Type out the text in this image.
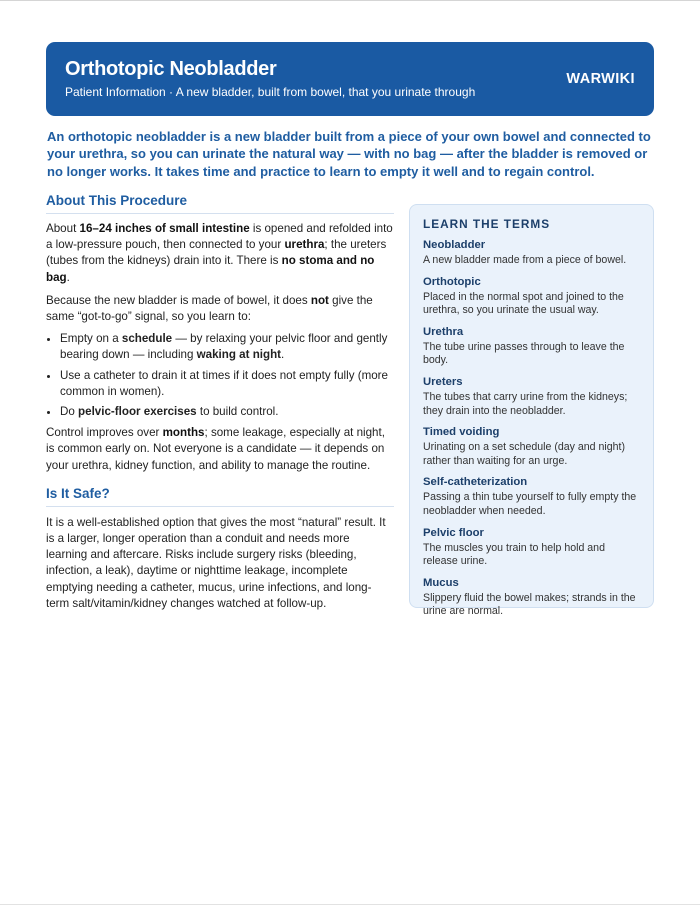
Orthotopic Neobladder
Patient Information · A new bladder, built from bowel, that you urinate through
WARWIKI
An orthotopic neobladder is a new bladder built from a piece of your own bowel and connected to your urethra, so you can urinate the natural way — with no bag — after the bladder is removed or no longer works. It takes time and practice to learn to empty it well and to regain control.
About This Procedure

About 16–24 inches of small intestine is opened and refolded into a low-pressure pouch, then connected to your urethra; the ureters (tubes from the kidneys) drain into it. There is no stoma and no bag.

Because the new bladder is made of bowel, it does not give the same “got-to-go” signal, so you learn to:

• Empty on a schedule — by relaxing your pelvic floor and gently bearing down — including waking at night.
• Use a catheter to drain it at times if it does not empty fully (more common in women).
• Do pelvic-floor exercises to build control.

Control improves over months; some leakage, especially at night, is common early on. Not everyone is a candidate — it depends on your urethra, kidney function, and ability to manage the routine.

Is It Safe?

It is a well-established option that gives the most “natural” result. It is a larger, longer operation than a conduit and needs more learning and aftercare. Risks include surgery risks (bleeding, infection, a leak), daytime or nighttime leakage, incomplete emptying needing a catheter, mucus, urine infections, and long-term salt/vitamin/kidney changes watched at follow-up.

LEARN THE TERMS
Neobladder
A new bladder made from a piece of bowel.
Orthotopic
Placed in the normal spot and joined to the urethra, so you urinate the usual way.
Urethra
The tube urine passes through to leave the body.
Ureters
The tubes that carry urine from the kidneys; they drain into the neobladder.
Timed voiding
Urinating on a set schedule (day and night) rather than waiting for an urge.
Self-catheterization
Passing a thin tube yourself to fully empty the neobladder when needed.
Pelvic floor
The muscles you train to help hold and release urine.
Mucus
Slippery fluid the bowel makes; strands in the urine are normal.
